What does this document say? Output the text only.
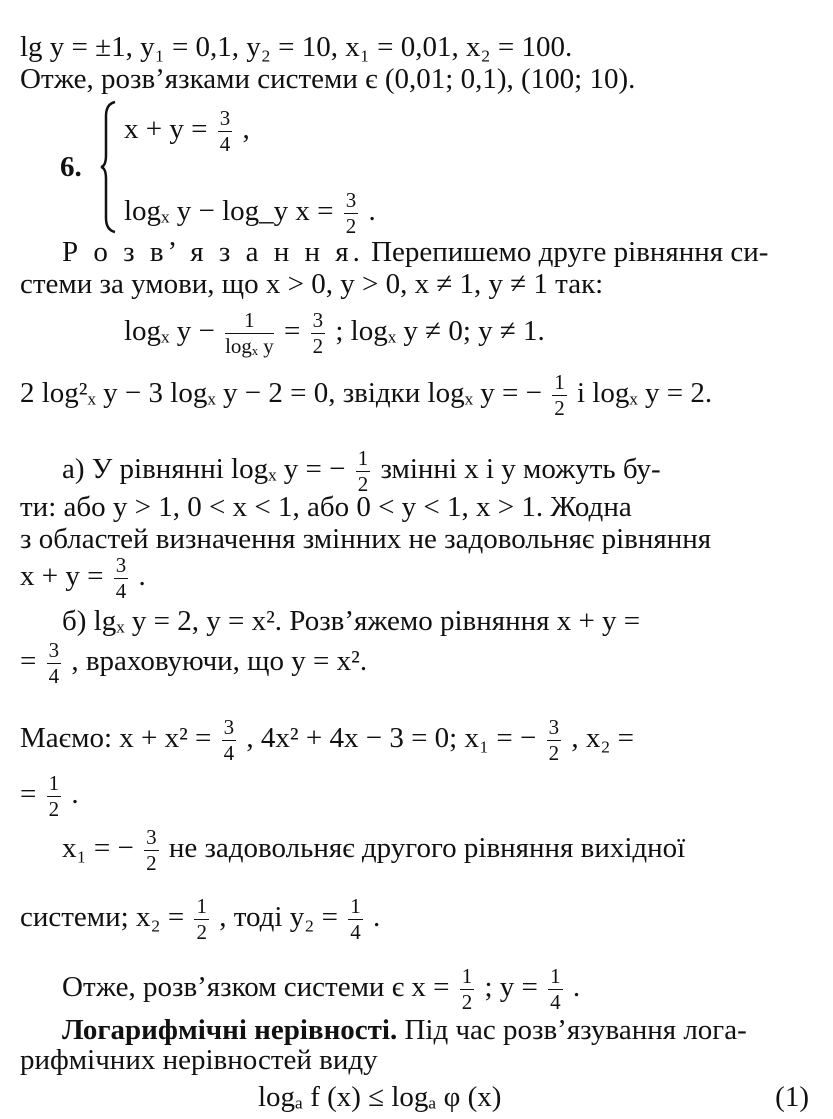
lg y = ±1, y₁ = 0,1, y₂ = 10, x₁ = 0,01, x₂ = 100.
Отже, розв’язками системи є (0,01; 0,1), (100; 10).
6.
$x + y = \frac{3}{4}$ ,
logₓ y − log_y $x = \frac{3}{2}$ .
Р о з в’ я з а н н я. Перепишемо друге рівняння си-
стеми за умови, що x > 0, y > 0, x ≠ 1, y ≠ 1 так:
logₓ $y - \frac{1}{\text{logₓ y}} = \frac{3}{2}$ ; logₓ y ≠ 0; y ≠ 1.
2 log²ₓ y − 3 logₓ y − 2 = 0, звідки logₓ y = − $\frac{1}{2}$ і logₓ y = 2.
а) У рівнянні logₓ y = − $\frac{1}{2}$ змінні x і y можуть бу-
ти: або y > 1, 0 < x < 1, або 0 < y < 1, x > 1. Жодна
з областей визначення змінних не задовольняє рівняння
$x + y = \frac{3}{4}$ .
б) lgₓ y = 2, y = x². Розв’яжемо рівняння x + y =
= $\frac{3}{4}$ , враховуючи, що y = x².
Маємо: $x + x^2 = \frac{3}{4}$ , 4x² + 4x − 3 = 0; x₁ = − $\frac{3}{2}$ , x₂ =
= $\frac{1}{2}$ .
x₁ = − $\frac{3}{2}$ не задовольняє другого рівняння вихідної
системи; $x_2 = \frac{1}{2}$ , тоді $y_2 = \frac{1}{4}$ .
Отже, розв’язком системи є $x = \frac{1}{2}$ ; $y = \frac{1}{4}$ .
Логарифмічні нерівності. Під час розв’язування лога-
рифмічних нерівностей виду
logₐ f (x) ≤ logₐ φ (x)	(1)
